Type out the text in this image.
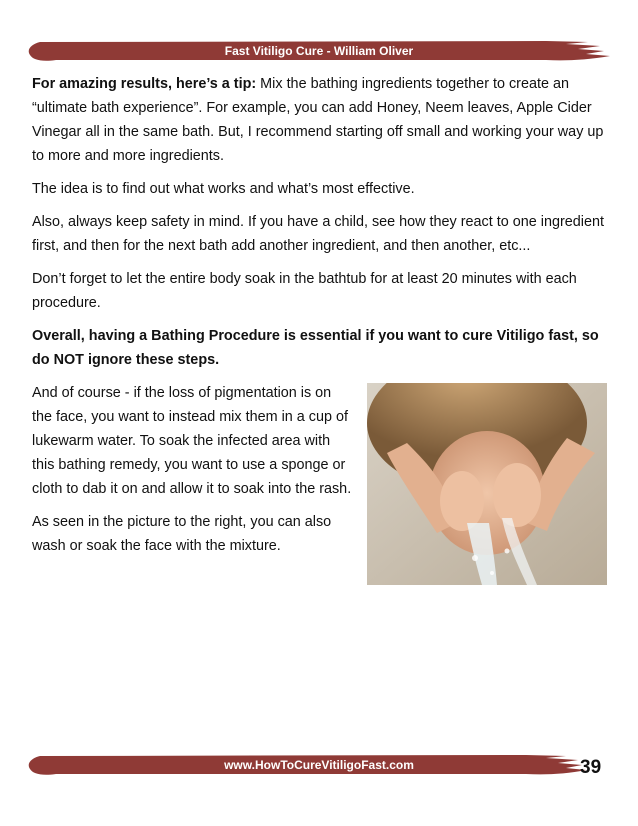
Fast Vitiligo Cure - William Oliver

For amazing results, here’s a tip: Mix the bathing ingredients together to create an “ultimate bath experience”. For example, you can add Honey, Neem leaves, Apple Cider Vinegar all in the same bath. But, I recommend starting off small and working your way up to more and more ingredients.

The idea is to find out what works and what’s most effective.

Also, always keep safety in mind. If you have a child, see how they react to one ingredient first, and then for the next bath add another ingredient, and then another, etc...

Don’t forget to let the entire body soak in the bathtub for at least 20 minutes with each procedure.

Overall, having a Bathing Procedure is essential if you want to cure Vitiligo fast, so do NOT ignore these steps.

And of course - if the loss of pigmentation is on the face, you want to instead mix them in a cup of lukewarm water. To soak the infected area with this bathing remedy, you want to use a sponge or cloth to dab it on and allow it to soak into the rash.

As seen in the picture to the right, you can also wash or soak the face with the mixture.

www.HowToCureVitiligoFast.com	39
